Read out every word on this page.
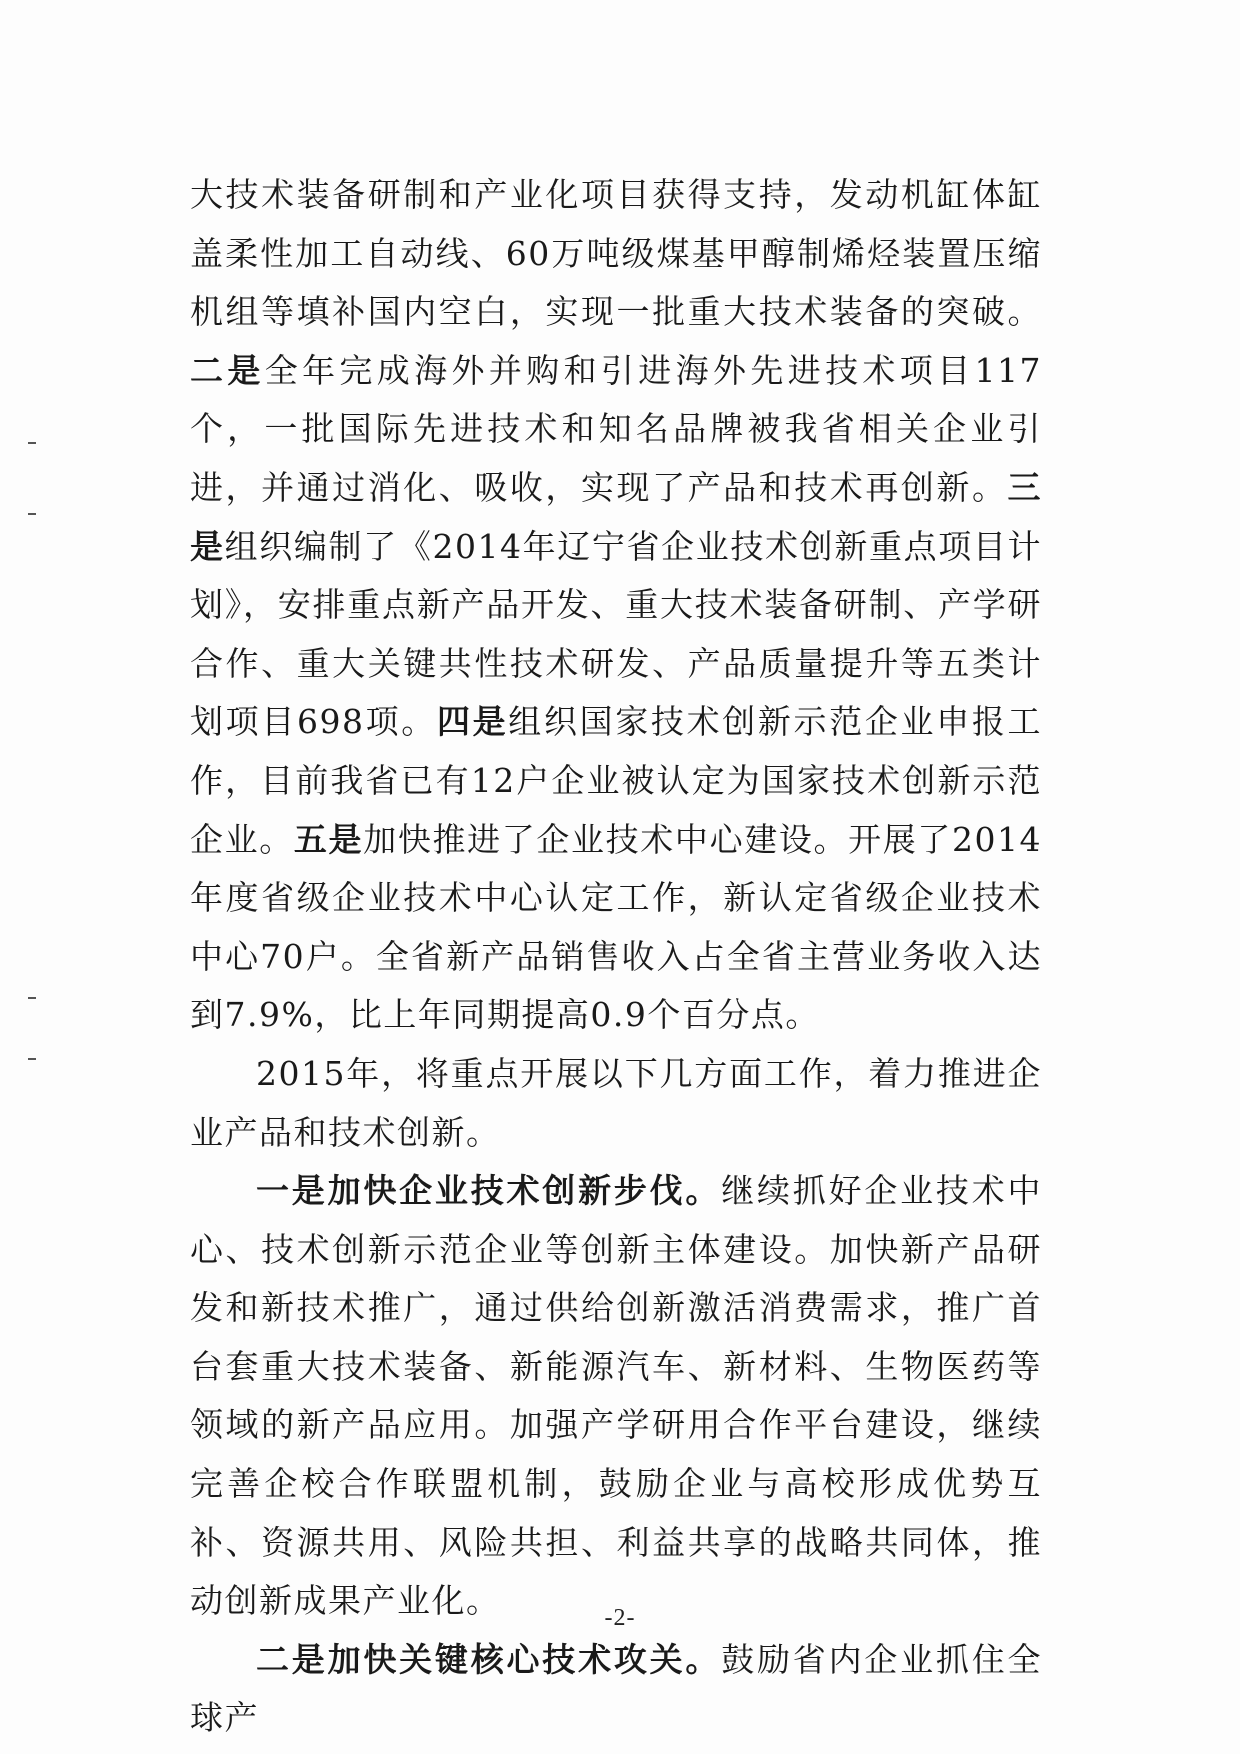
大技术装备研制和产业化项目获得支持，发动机缸体缸盖柔性加工自动线、60万吨级煤基甲醇制烯烃装置压缩机组等填补国内空白，实现一批重大技术装备的突破。二是全年完成海外并购和引进海外先进技术项目117个，一批国际先进技术和知名品牌被我省相关企业引进，并通过消化、吸收，实现了产品和技术再创新。三是组织编制了《2014年辽宁省企业技术创新重点项目计划》，安排重点新产品开发、重大技术装备研制、产学研合作、重大关键共性技术研发、产品质量提升等五类计划项目698项。四是组织国家技术创新示范企业申报工作，目前我省已有12户企业被认定为国家技术创新示范企业。五是加快推进了企业技术中心建设。开展了2014年度省级企业技术中心认定工作，新认定省级企业技术中心70户。全省新产品销售收入占全省主营业务收入达到7.9%，比上年同期提高0.9个百分点。

2015年，将重点开展以下几方面工作，着力推进企业产品和技术创新。

一是加快企业技术创新步伐。继续抓好企业技术中心、技术创新示范企业等创新主体建设。加快新产品研发和新技术推广，通过供给创新激活消费需求，推广首台套重大技术装备、新能源汽车、新材料、生物医药等领域的新产品应用。加强产学研用合作平台建设，继续完善企校合作联盟机制，鼓励企业与高校形成优势互补、资源共用、风险共担、利益共享的战略共同体，推动创新成果产业化。

二是加快关键核心技术攻关。鼓励省内企业抓住全球产

-2-
